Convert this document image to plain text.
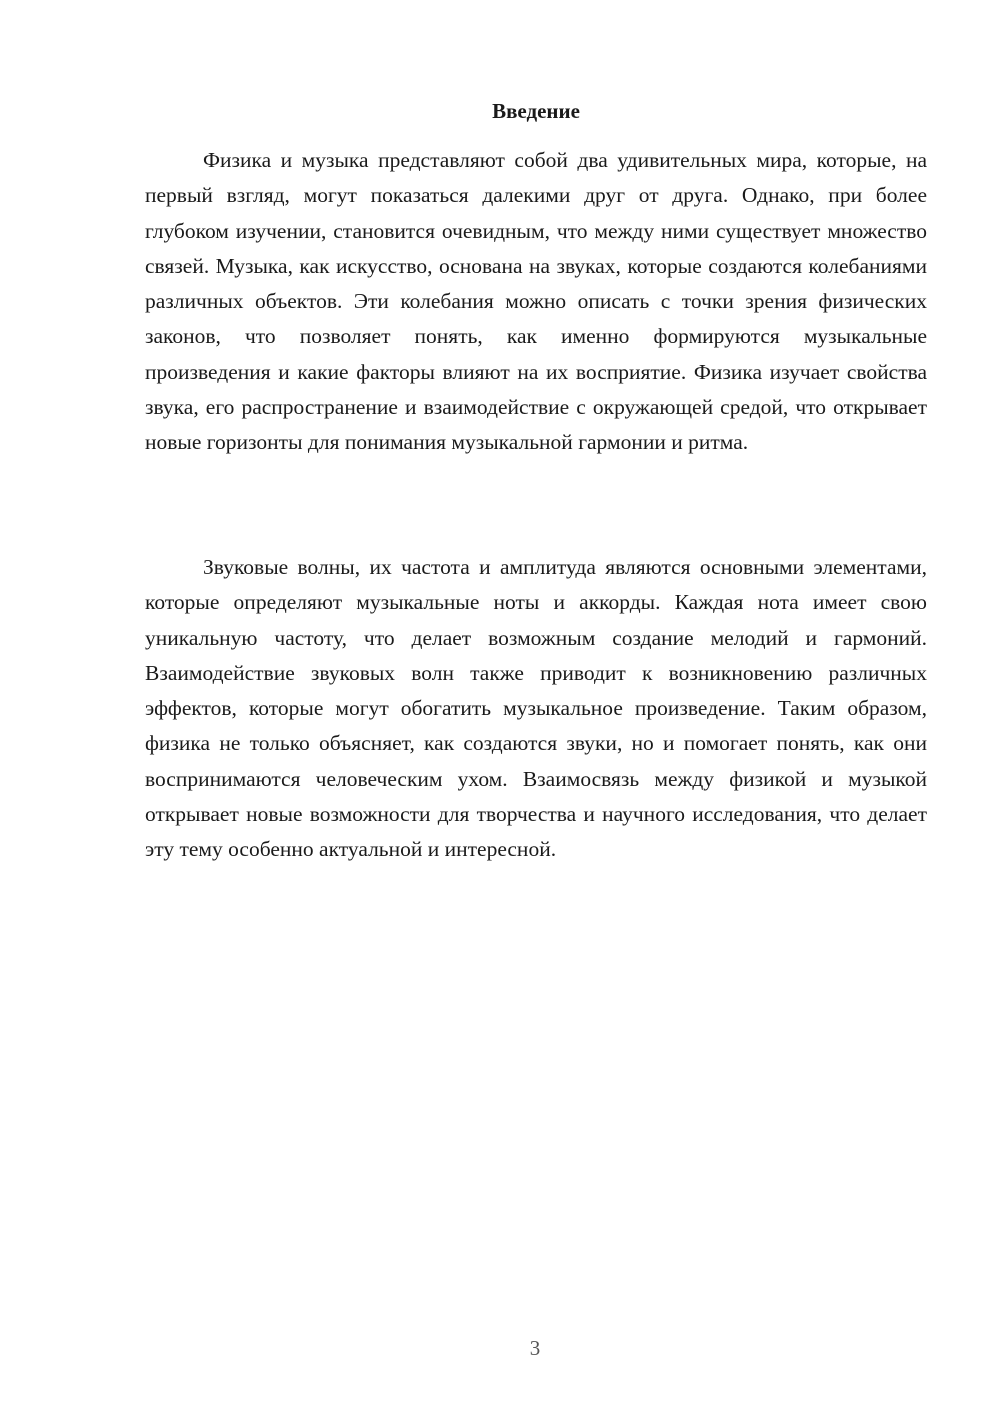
Введение

Физика и музыка представляют собой два удивительных мира, которые, на первый взгляд, могут показаться далекими друг от друга. Однако, при более глубоком изучении, становится очевидным, что между ними существует множество связей. Музыка, как искусство, основана на звуках, которые создаются колебаниями различных объектов. Эти колебания можно описать с точки зрения физических законов, что позволяет понять, как именно формируются музыкальные произведения и какие факторы влияют на их восприятие. Физика изучает свойства звука, его распространение и взаимодействие с окружающей средой, что открывает новые горизонты для понимания музыкальной гармонии и ритма.

Звуковые волны, их частота и амплитуда являются основными элементами, которые определяют музыкальные ноты и аккорды. Каждая нота имеет свою уникальную частоту, что делает возможным создание мелодий и гармоний. Взаимодействие звуковых волн также приводит к возникновению различных эффектов, которые могут обогатить музыкальное произведение. Таким образом, физика не только объясняет, как создаются звуки, но и помогает понять, как они воспринимаются человеческим ухом. Взаимосвязь между физикой и музыкой открывает новые возможности для творчества и научного исследования, что делает эту тему особенно актуальной и интересной.

3
